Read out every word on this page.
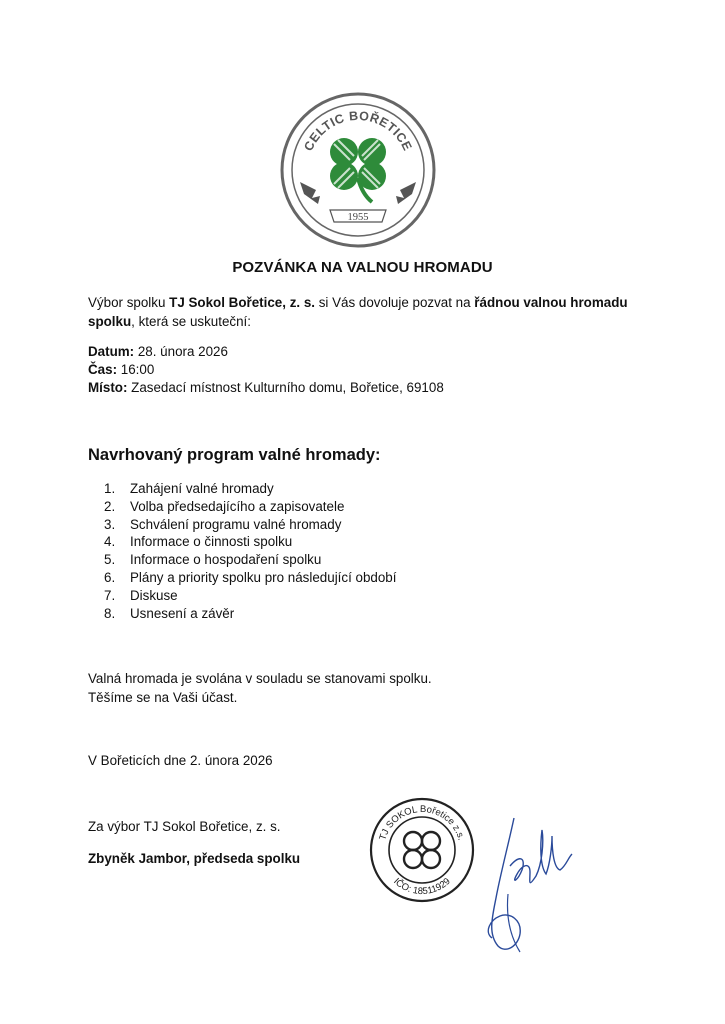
CELTIC BOŘETICE
1955
POZVÁNKA NA VALNOU HROMADU
Výbor spolku TJ Sokol Bořetice, z. s. si Vás dovoluje pozvat na řádnou valnou hromadu spolku, která se uskuteční:
Datum: 28. února 2026
Čas: 16:00
Místo: Zasedací místnost Kulturního domu, Bořetice, 69108
Navrhovaný program valné hromady:
1. Zahájení valné hromady
2. Volba předsedajícího a zapisovatele
3. Schválení programu valné hromady
4. Informace o činnosti spolku
5. Informace o hospodaření spolku
6. Plány a priority spolku pro následující období
7. Diskuse
8. Usnesení a závěr
Valná hromada je svolána v souladu se stanovami spolku.
Těšíme se na Vaši účast.
V Bořeticích dne 2. února 2026
Za výbor TJ Sokol Bořetice, z. s.
Zbyněk Jambor, předseda spolku
TJ SOKOL Bořetice z.s.
IČO: 18511929
